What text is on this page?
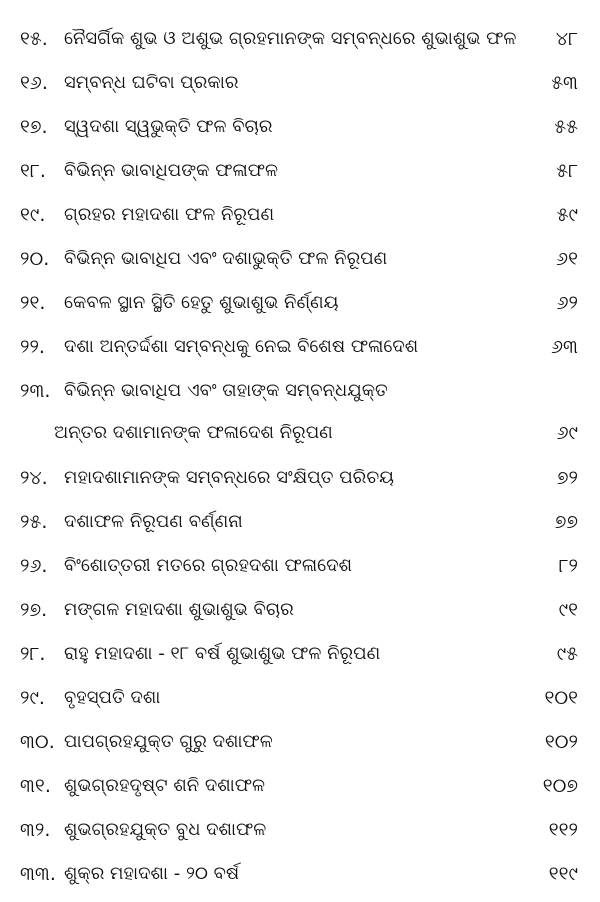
୧୫. ନୈସର୍ଗିକ ଶୁଭ ଓ ଅଶୁଭ ଗ୍ରହମାନଙ୍କ ସମ୍ବନ୍ଧରେ ଶୁଭାଶୁଭ ଫଳ ୪୮
୧୬. ସମ୍ବନ୍ଧ ଘଟିବା ପ୍ରକାର	୫୩
୧୭. ସ୍ୱଦଶା ସ୍ୱଭୁକ୍ତି ଫଳ ବିଚାର	୫୫
୧୮. ବିଭିନ୍ନ ଭାବାଧିପଙ୍କ ଫଳାଫଳ	୫୮
୧୯. ଗ୍ରହର ମହାଦଶା ଫଳ ନିରୂପଣ	୫୯
୨୦. ବିଭିନ୍ନ ଭାବାଧିପ ଏବଂ ଦଶାଭୁକ୍ତି ଫଳ ନିରୂପଣ	୬୧
୨୧. କେବଳ ସ୍ଥାନ ସ୍ଥିତି ହେତୁ ଶୁଭାଶୁଭ ନିର୍ଣ୍ଣୟ	୬୨
୨୨. ଦଶା ଅନ୍ତର୍ଦ୍ଦଶା ସମ୍ବନ୍ଧକୁ ନେଇ ବିଶେଷ ଫଳାଦେଶ	୬୩
୨୩. ବିଭିନ୍ନ ଭାବାଧିପ ଏବଂ ତାହାଙ୍କ ସମ୍ବନ୍ଧଯୁକ୍ତ
ଅନ୍ତର ଦଶାମାନଙ୍କ ଫଳାଦେଶ ନିରୂପଣ	୬୯
୨୪. ମହାଦଶାମାନଙ୍କ ସମ୍ବନ୍ଧରେ ସଂକ୍ଷିପ୍ତ ପରିଚୟ	୭୨
୨୫. ଦଶାଫଳ ନିରୂପଣ ବର୍ଣ୍ଣନା	୭୭
୨୬. ବିଂଶୋତ୍ତରୀ ମତରେ ଗ୍ରହଦଶା ଫଳାଦେଶ	୮୨
୨୭. ମଙ୍ଗଳ ମହାଦଶା ଶୁଭାଶୁଭ ବିଚାର	୯୧
୨୮. ରାହୁ ମହାଦଶା - ୧୮ ବର୍ଷ ଶୁଭାଶୁଭ ଫଳ ନିରୂପଣ	୯୫
୨୯. ବୃହସ୍ପତି ଦଶା	୧୦୧
୩୦. ପାପଗ୍ରହଯୁକ୍ତ ଗୁରୁ ଦଶାଫଳ	୧୦୨
୩୧. ଶୁଭଗ୍ରହଦୃଷ୍ଟ ଶନି ଦଶାଫଳ	୧୦୭
୩୨. ଶୁଭଗ୍ରହଯୁକ୍ତ ବୁଧ ଦଶାଫଳ	୧୧୨
୩୩. ଶୁକ୍ର ମହାଦଶା - ୨୦ ବର୍ଷ	୧୧୯
